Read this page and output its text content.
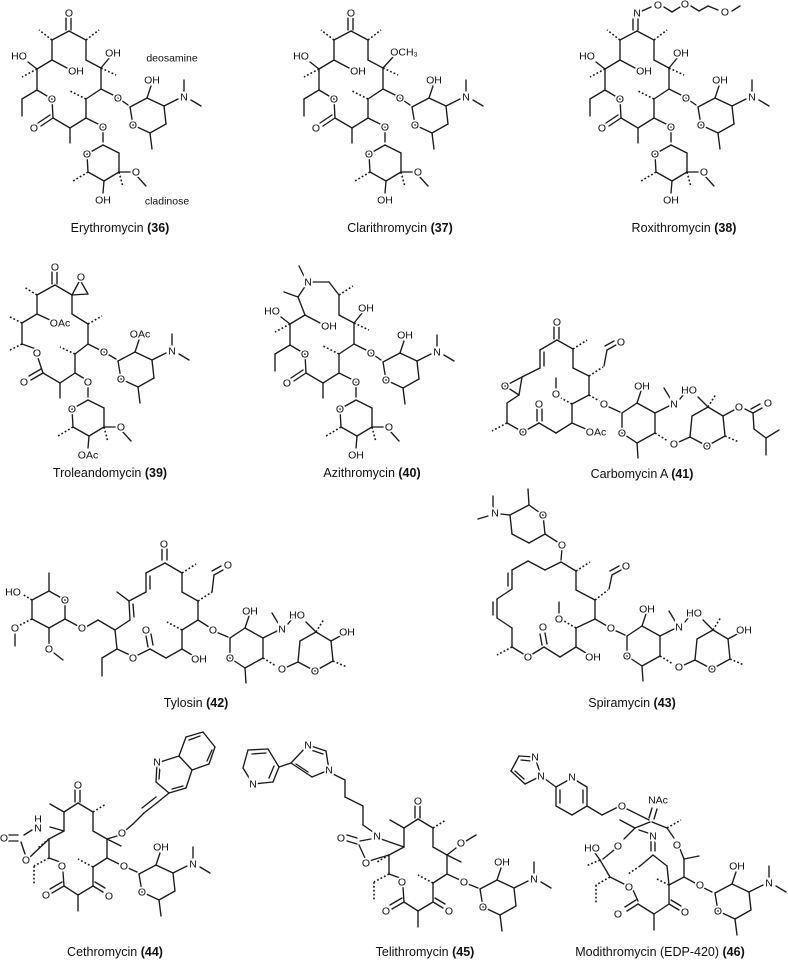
HO
OH
OH
O
O
O
O
O
OH
N
O
O
O
OH
deosamine
cladinose
HO
OH
OCH₃
O
O
O
O
O
OH
N
O
O
O
OH
HO
OH
OH
O
O
O
O
N
O O
O
OH
N
O
O
O
OH
O
O
OAc
O
O
O
O
OAc
N
O
O
O
OAc
HO
OH
OH
O
O
O
O
N
OH
N
O
O
O
OH
O
O
O
O
O
O	OAc
O	O
OH
N
O
O
HO
O
O
HO
O
O
O
O
O
O
O
O	OH
O
OH
N
O
O
HO
OH
O
N	O
O
O
O
O
O	OH
O
OH
N
O
O
HO
OH
O
N
O
O
H
N
O
O	O
O	O
O
OH
N
O
N
N
N
N
O
O
O
O
O
O	O
O
OH
N
O
N
N N
O NAc
N
O
HO	O
O
O	O
O
OH
N
O
Erythromycin (36)	Clarithromycin (37)	Roxithromycin (38)
Troleandomycin (39)	Azithromycin (40)	Carbomycin A (41)
Tylosin (42)	Spiramycin (43)
Cethromycin (44)	Telithromycin (45)	Modithromycin (EDP-420) (46)
